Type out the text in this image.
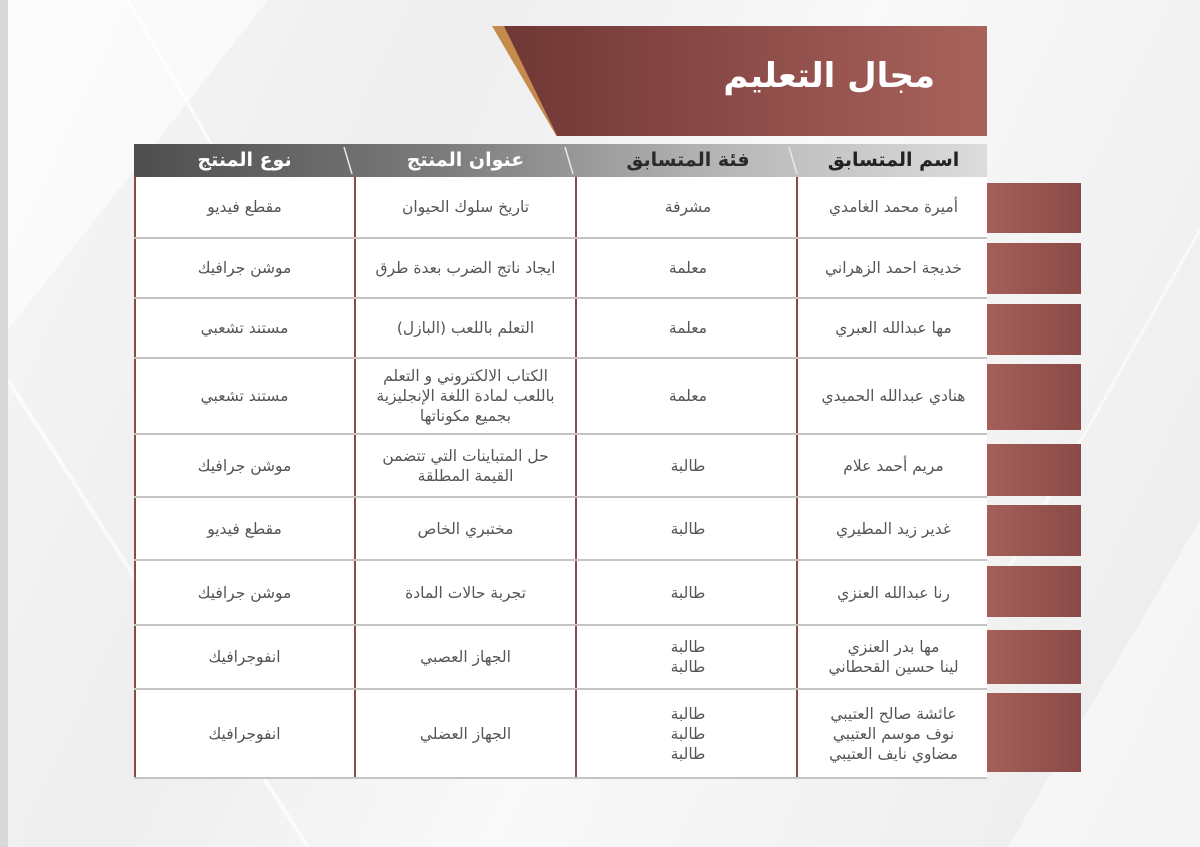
مجال التعليم
اسم المتسابق
فئة المتسابق
عنوان المنتج
نوع المنتج
أميرة محمد الغامدي
مشرفة
تاريخ سلوك الحيوان
مقطع فيديو
خديجة احمد الزهراني
معلمة
ايجاد ناتج الضرب بعدة طرق
موشن جرافيك
مها عبدالله العبري
معلمة
التعلم باللعب (البازل)
مستند تشعبي
هنادي عبدالله الحميدي
معلمة
الكتاب الالكتروني و التعلم
باللعب لمادة اللغة الإنجليزية
بجميع مكوناتها
مستند تشعبي
مريم أحمد علام
طالبة
حل المتباينات التي تتضمن
القيمة المطلقة
موشن جرافيك
غدير زيد المطيري
طالبة
مختبري الخاص
مقطع فيديو
رنا عبدالله العنزي
طالبة
تجربة حالات المادة
موشن جرافيك
مها بدر العنزي
لينا حسين القحطاني
طالبة
طالبة
الجهاز العصبي
انفوجرافيك
عائشة صالح العتيبي
نوف موسم العتيبي
مضاوي نايف العتيبي
طالبة
طالبة
طالبة
الجهاز العضلي
انفوجرافيك
